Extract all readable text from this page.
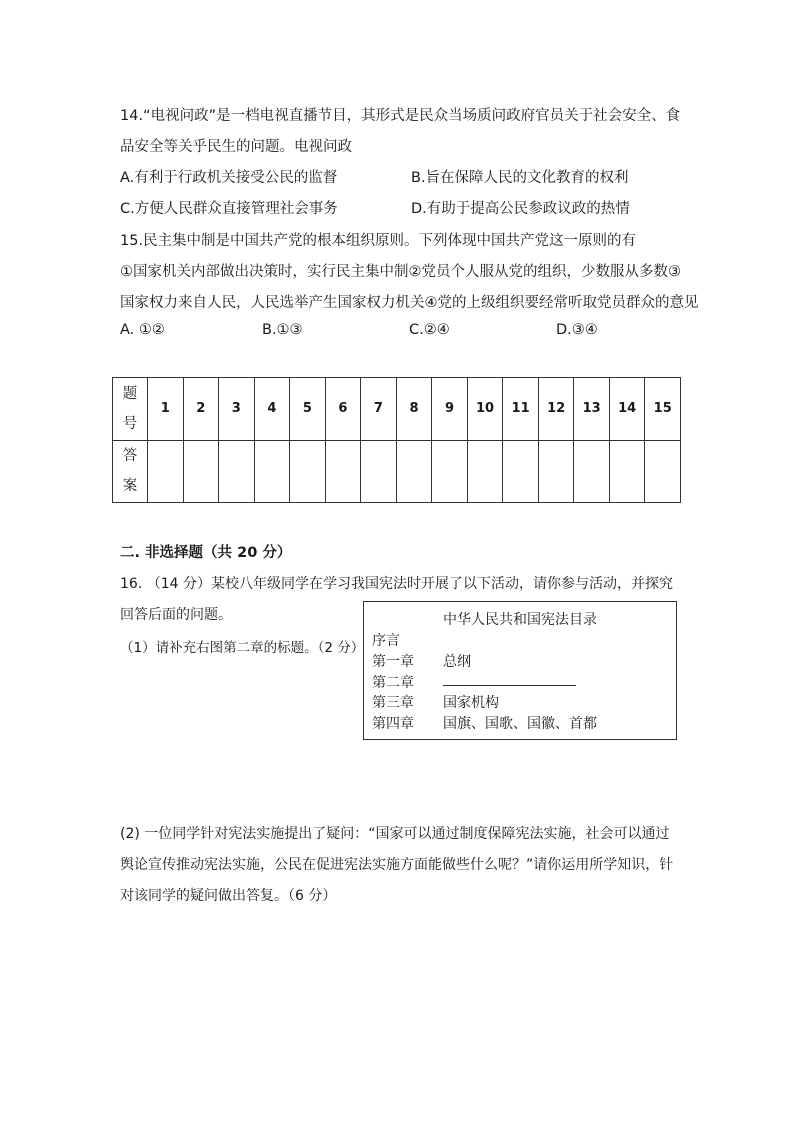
14.“电视问政”是一档电视直播节目，其形式是民众当场质问政府官员关于社会安全、食
品安全等关乎民生的问题。电视问政
A.有利于行政机关接受公民的监督	B.旨在保障人民的文化教育的权利
C.方便人民群众直接管理社会事务	D.有助于提高公民参政议政的热情
15.民主集中制是中国共产党的根本组织原则。下列体现中国共产党这一原则的有
①国家机关内部做出决策时，实行民主集中制②党员个人服从党的组织，少数服从多数③
国家权力来自人民，人民选举产生国家权力机关④党的上级组织要经常听取党员群众的意见
A. ①②	B.①③	C.②④	D.③④
题
号	1	2	3	4	5	6	7	8	9	10	11	12	13	14	15
答
案															
二. 非选择题（共 20 分）
16. （14 分）某校八年级同学在学习我国宪法时开展了以下活动，请你参与活动，并探究
回答后面的问题。
（1）请补充右图第二章的标题。（2 分）
中华人民共和国宪法目录
序言
第一章 总纲
第二章
第三章 国家机构
第四章 国旗、国歌、国徽、首都
(2) 一位同学针对宪法实施提出了疑问：“国家可以通过制度保障宪法实施，社会可以通过
舆论宣传推动宪法实施，公民在促进宪法实施方面能做些什么呢？”请你运用所学知识，针
对该同学的疑问做出答复。（6 分）
